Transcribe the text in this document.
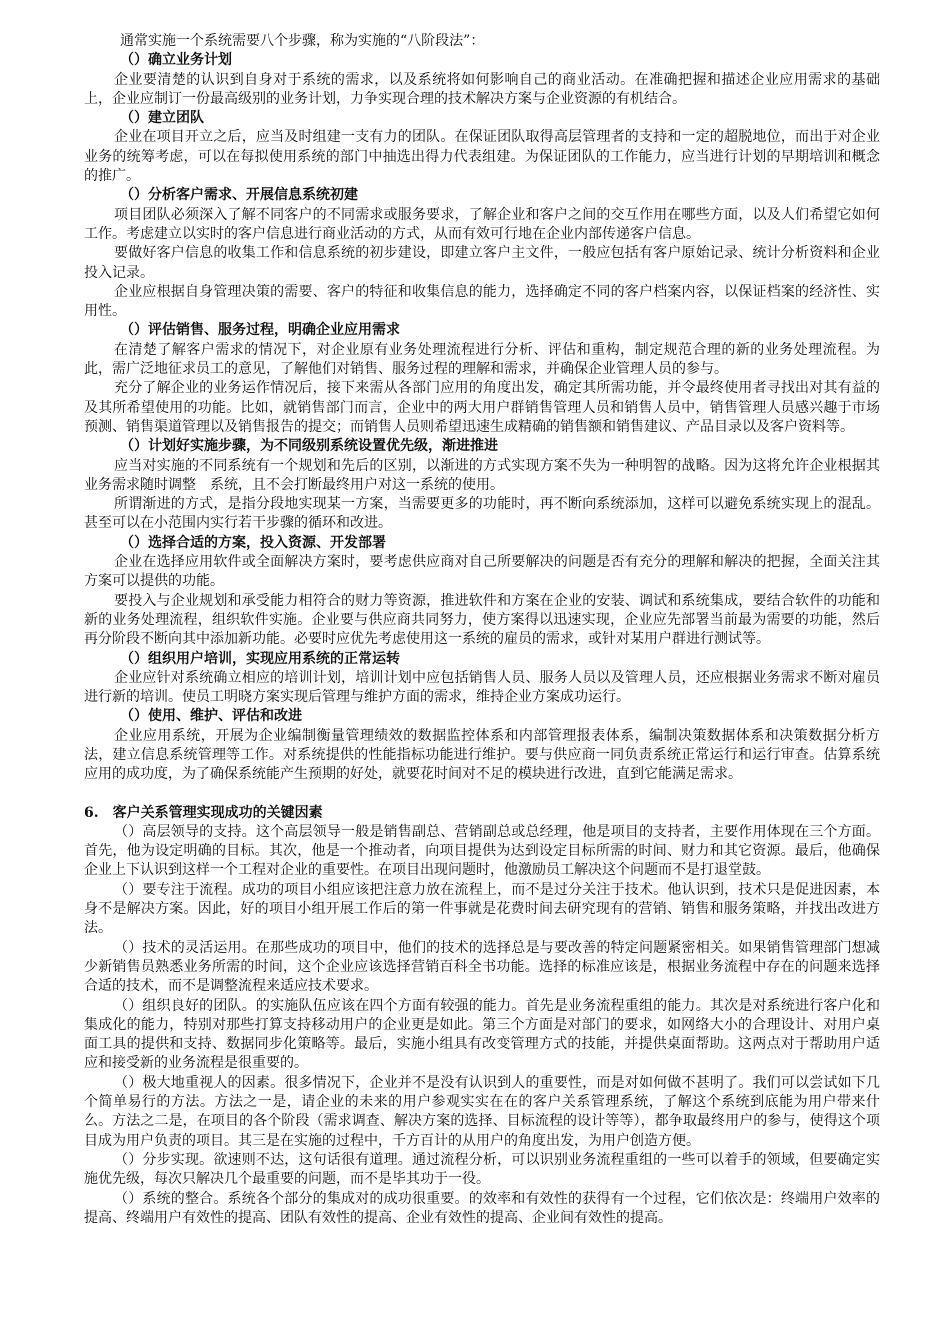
通常实施一个系统需要八个步骤，称为实施的“八阶段法”：

（）确立业务计划

企业要清楚的认识到自身对于系统的需求，以及系统将如何影响自己的商业活动。在准确把握和描述企业应用需求的基础上，企业应制订一份最高级别的业务计划，力争实现合理的技术解决方案与企业资源的有机结合。

（）建立团队

企业在项目开立之后，应当及时组建一支有力的团队。在保证团队取得高层管理者的支持和一定的超脱地位，而出于对企业业务的统筹考虑，可以在每拟使用系统的部门中抽选出得力代表组建。为保证团队的工作能力，应当进行计划的早期培训和概念的推广。

（）分析客户需求、开展信息系统初建

项目团队必须深入了解不同客户的不同需求或服务要求，了解企业和客户之间的交互作用在哪些方面，以及人们希望它如何工作。考虑建立以实时的客户信息进行商业活动的方式，从而有效可行地在企业内部传递客户信息。

要做好客户信息的收集工作和信息系统的初步建设，即建立客户主文件，一般应包括有客户原始记录、统计分析资料和企业投入记录。

企业应根据自身管理决策的需要、客户的特征和收集信息的能力，选择确定不同的客户档案内容，以保证档案的经济性、实用性。

（）评估销售、服务过程，明确企业应用需求

在清楚了解客户需求的情况下，对企业原有业务处理流程进行分析、评估和重构，制定规范合理的新的业务处理流程。为此，需广泛地征求员工的意见，了解他们对销售、服务过程的理解和需求，并确保企业管理人员的参与。

充分了解企业的业务运作情况后，接下来需从各部门应用的角度出发，确定其所需功能，并令最终使用者寻找出对其有益的及其所希望使用的功能。比如，就销售部门而言，企业中的两大用户群销售管理人员和销售人员中，销售管理人员感兴趣于市场预测、销售渠道管理以及销售报告的提交；而销售人员则希望迅速生成精确的销售额和销售建议、产品目录以及客户资料等。

（）计划好实施步骤，为不同级别系统设置优先级，渐进推进

应当对实施的不同系统有一个规划和先后的区别，以渐进的方式实现方案不失为一种明智的战略。因为这将允许企业根据其业务需求随时调整　系统，且不会打断最终用户对这一系统的使用。

所谓渐进的方式，是指分段地实现某一方案，当需要更多的功能时，再不断向系统添加，这样可以避免系统实现上的混乱。甚至可以在小范围内实行若干步骤的循环和改进。

（）选择合适的方案，投入资源、开发部署

企业在选择应用软件或全面解决方案时，要考虑供应商对自己所要解决的问题是否有充分的理解和解决的把握，全面关注其方案可以提供的功能。

要投入与企业规划和承受能力相符合的财力等资源，推进软件和方案在企业的安装、调试和系统集成，要结合软件的功能和新的业务处理流程，组织软件实施。企业要与供应商共同努力，使方案得以迅速实现，企业应先部署当前最为需要的功能，然后再分阶段不断向其中添加新功能。必要时应优先考虑使用这一系统的雇员的需求，或针对某用户群进行测试等。

（）组织用户培训，实现应用系统的正常运转

企业应针对系统确立相应的培训计划，培训计划中应包括销售人员、服务人员以及管理人员，还应根据业务需求不断对雇员进行新的培训。使员工明晓方案实现后管理与维护方面的需求，维持企业方案成功运行。

（）使用、维护、评估和改进

企业应用系统，开展为企业编制衡量管理绩效的数据监控体系和内部管理报表体系，编制决策数据体系和决策数据分析方法，建立信息系统管理等工作。对系统提供的性能指标功能进行维护。要与供应商一同负责系统正常运行和运行审查。估算系统应用的成功度，为了确保系统能产生预期的好处，就要花时间对不足的模块进行改进，直到它能满足需求。

6.　客户关系管理实现成功的关键因素

（）高层领导的支持。这个高层领导一般是销售副总、营销副总或总经理，他是项目的支持者，主要作用体现在三个方面。首先，他为设定明确的目标。其次，他是一个推动者，向项目提供为达到设定目标所需的时间、财力和其它资源。最后，他确保企业上下认识到这样一个工程对企业的重要性。在项目出现问题时，他激励员工解决这个问题而不是打退堂鼓。

（）要专注于流程。成功的项目小组应该把注意力放在流程上，而不是过分关注于技术。他认识到，技术只是促进因素，本身不是解决方案。因此，好的项目小组开展工作后的第一件事就是花费时间去研究现有的营销、销售和服务策略，并找出改进方法。

（）技术的灵活运用。在那些成功的项目中，他们的技术的选择总是与要改善的特定问题紧密相关。如果销售管理部门想减少新销售员熟悉业务所需的时间，这个企业应该选择营销百科全书功能。选择的标准应该是，根据业务流程中存在的问题来选择合适的技术，而不是调整流程来适应技术要求。

（）组织良好的团队。的实施队伍应该在四个方面有较强的能力。首先是业务流程重组的能力。其次是对系统进行客户化和集成化的能力，特别对那些打算支持移动用户的企业更是如此。第三个方面是对部门的要求，如网络大小的合理设计、对用户桌面工具的提供和支持、数据同步化策略等。最后，实施小组具有改变管理方式的技能，并提供桌面帮助。这两点对于帮助用户适应和接受新的业务流程是很重要的。

（）极大地重视人的因素。很多情况下，企业并不是没有认识到人的重要性，而是对如何做不甚明了。我们可以尝试如下几个简单易行的方法。方法之一是，请企业的未来的用户参观实实在在的客户关系管理系统，了解这个系统到底能为用户带来什么。方法之二是，在项目的各个阶段（需求调查、解决方案的选择、目标流程的设计等等），都争取最终用户的参与，使得这个项目成为用户负责的项目。其三是在实施的过程中，千方百计的从用户的角度出发，为用户创造方便。

（）分步实现。欲速则不达，这句话很有道理。通过流程分析，可以识别业务流程重组的一些可以着手的领域，但要确定实施优先级，每次只解决几个最重要的问题，而不是毕其功于一役。

（）系统的整合。系统各个部分的集成对的成功很重要。的效率和有效性的获得有一个过程，它们依次是：终端用户效率的提高、终端用户有效性的提高、团队有效性的提高、企业有效性的提高、企业间有效性的提高。
